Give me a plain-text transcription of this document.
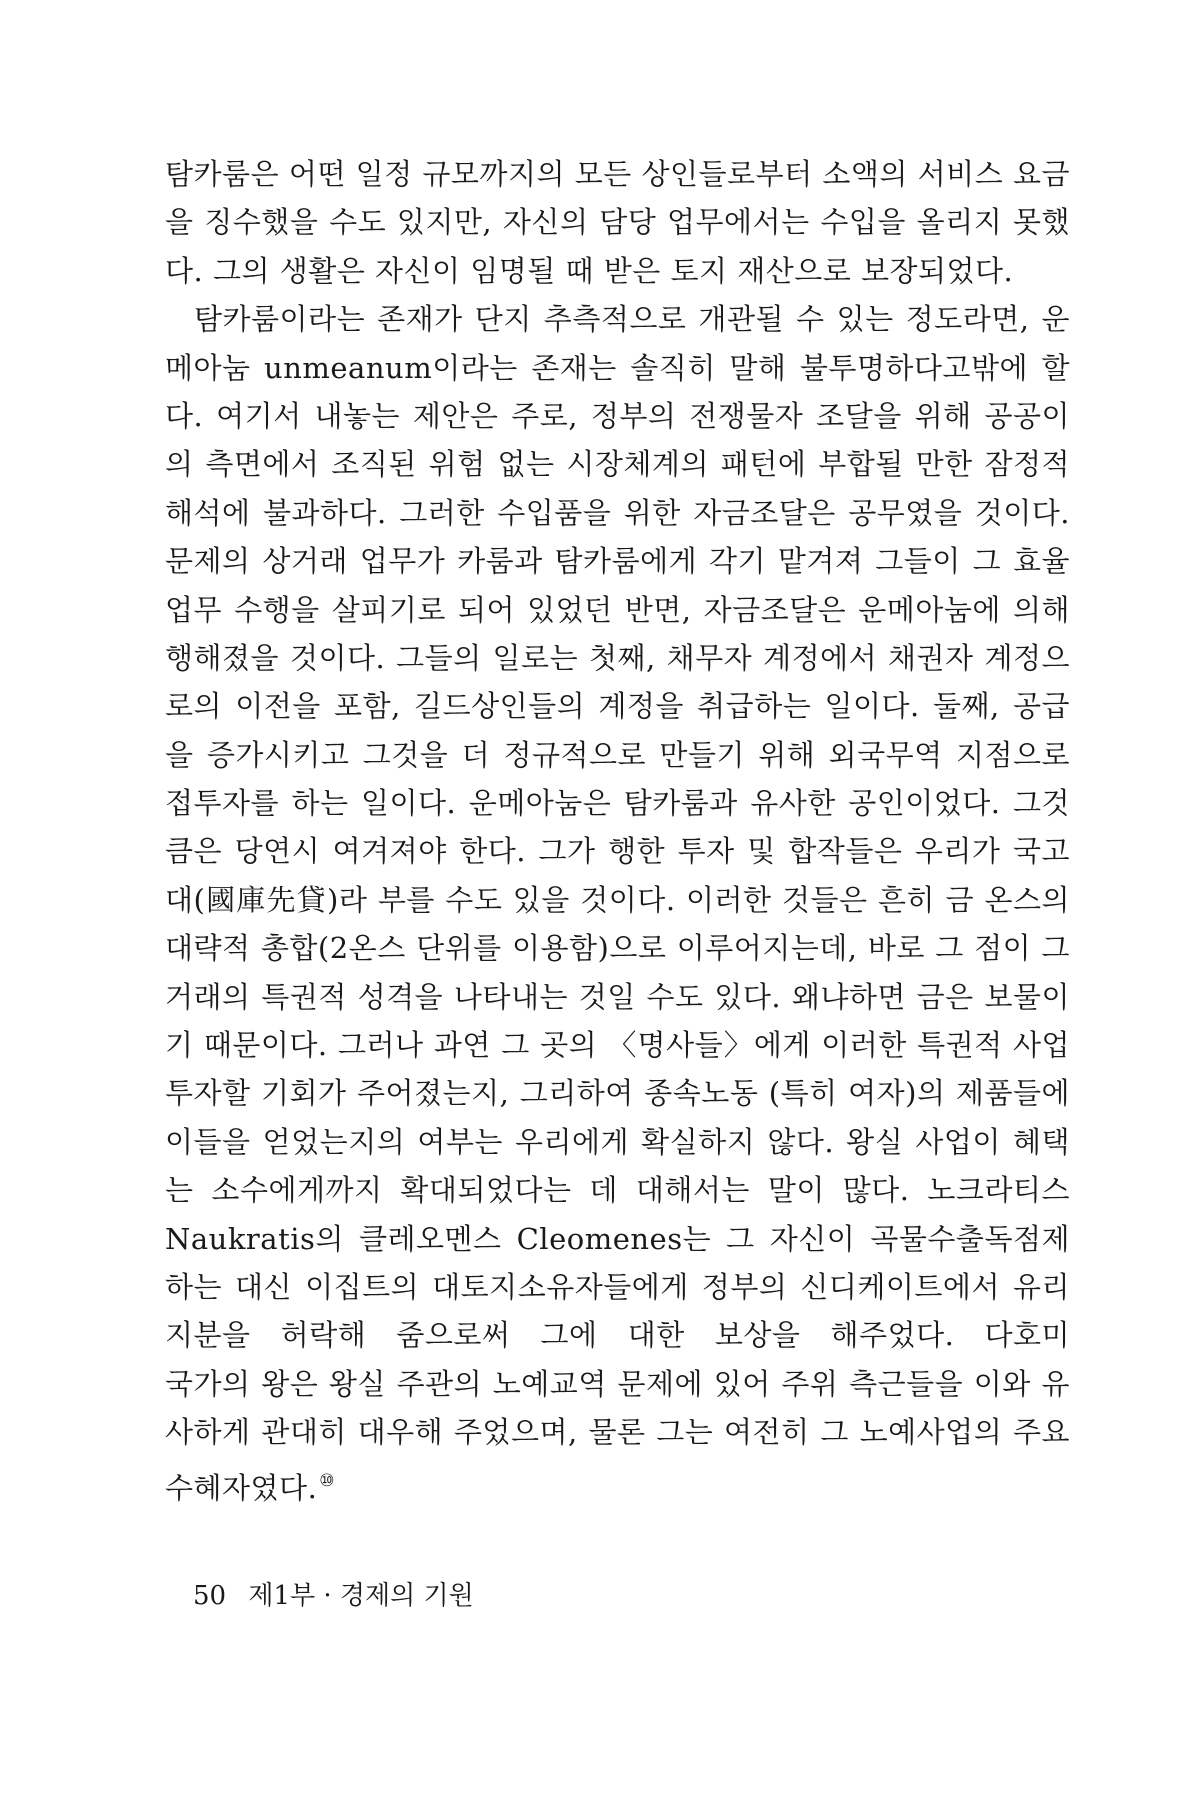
탐카룸은 어떤 일정 규모까지의 모든 상인들로부터 소액의 서비스 요금
을 징수했을 수도 있지만, 자신의 담당 업무에서는 수입을 올리지 못했
다. 그의 생활은 자신이 임명될 때 받은 토지 재산으로 보장되었다.
탐카룸이라는 존재가 단지 추측적으로 개관될 수 있는 정도라면, 운
메아눔 unmeanum이라는 존재는 솔직히 말해 불투명하다고밖에 할
다. 여기서 내놓는 제안은 주로, 정부의 전쟁물자 조달을 위해 공공이
의 측면에서 조직된 위험 없는 시장체계의 패턴에 부합될 만한 잠정적
해석에 불과하다. 그러한 수입품을 위한 자금조달은 공무였을 것이다.
문제의 상거래 업무가 카룸과 탐카룸에게 각기 맡겨져 그들이 그 효율
업무 수행을 살피기로 되어 있었던 반면, 자금조달은 운메아눔에 의해
행해졌을 것이다. 그들의 일로는 첫째, 채무자 계정에서 채권자 계정으
로의 이전을 포함, 길드상인들의 계정을 취급하는 일이다. 둘째, 공급
을 증가시키고 그것을 더 정규적으로 만들기 위해 외국무역 지점으로
접투자를 하는 일이다. 운메아눔은 탐카룸과 유사한 공인이었다. 그것
큼은 당연시 여겨져야 한다. 그가 행한 투자 및 합작들은 우리가 국고
대(國庫先貸)라 부를 수도 있을 것이다. 이러한 것들은 흔히 금 온스의
대략적 총합(2온스 단위를 이용함)으로 이루어지는데, 바로 그 점이 그
거래의 특권적 성격을 나타내는 것일 수도 있다. 왜냐하면 금은 보물이
기 때문이다. 그러나 과연 그 곳의 〈명사들〉에게 이러한 특권적 사업
투자할 기회가 주어졌는지, 그리하여 종속노동 (특히 여자)의 제품들에
이들을 얻었는지의 여부는 우리에게 확실하지 않다. 왕실 사업이 혜택
는 소수에게까지 확대되었다는 데 대해서는 말이 많다. 노크라티스
Naukratis의 클레오멘스 Cleomenes는 그 자신이 곡물수출독점제
하는 대신 이집트의 대토지소유자들에게 정부의 신디케이트에서 유리
지분을 허락해 줌으로써 그에 대한 보상을 해주었다. 다호미
국가의 왕은 왕실 주관의 노예교역 문제에 있어 주위 측근들을 이와 유
사하게 관대히 대우해 주었으며, 물론 그는 여전히 그 노예사업의 주요
수혜자였다. ⑩
50 제1부 · 경제의 기원
